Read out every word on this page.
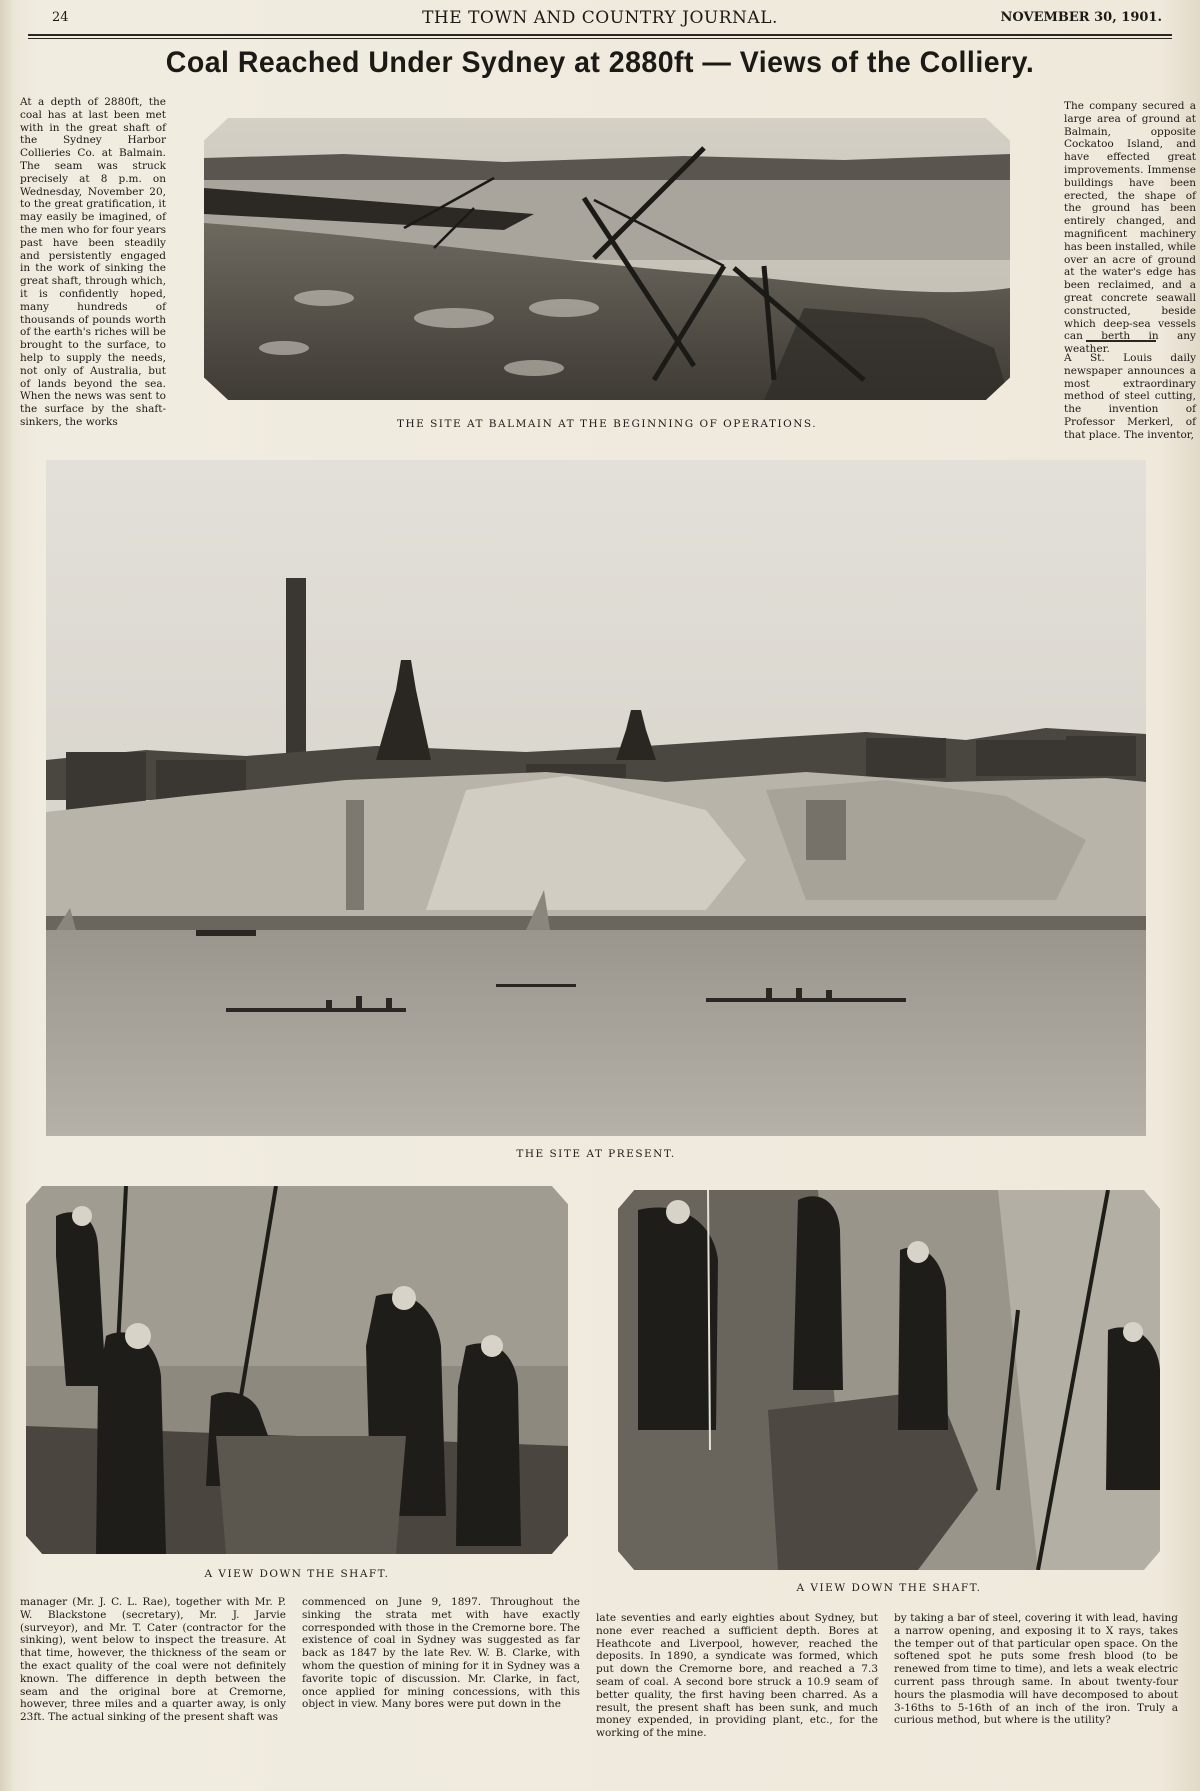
24	THE TOWN AND COUNTRY JOURNAL.	NOVEMBER 30, 1901.
Coal Reached Under Sydney at 2880ft — Views of the Colliery.

At a depth of 2880ft, the coal has at last been met with in the great shaft of the Sydney Harbor Collieries Co. at Balmain. The seam was struck precisely at 8 p.m. on Wednesday, November 20, to the great gratification, it may easily be imagined, of the men who for four years past have been steadily and persistently engaged in the work of sinking the great shaft, through which, it is confidently hoped, many hundreds of thousands of pounds worth of the earth's riches will be brought to the surface, to help to supply the needs, not only of Australia, but of lands beyond the sea. When the news was sent to the surface by the shaft-sinkers, the works	THE SITE AT BALMAIN AT THE BEGINNING OF OPERATIONS.

The company secured a large area of ground at Balmain, opposite Cockatoo Island, and have effected great improvements. Immense buildings have been erected, the shape of the ground has been entirely changed, and magnificent machinery has been installed, while over an acre of ground at the water's edge has been reclaimed, and a great concrete seawall constructed, beside which deep-sea vessels can berth in any weather.

A St. Louis daily newspaper announces a most extraordinary method of steel cutting, the invention of Professor Merkerl, of that place. The inventor,

THE SITE AT PRESENT.
A VIEW DOWN THE SHAFT.
A VIEW DOWN THE SHAFT.

manager (Mr. J. C. L. Rae), together with Mr. P. W. Blackstone (secretary), Mr. J. Jarvie (surveyor), and Mr. T. Cater (contractor for the sinking), went below to inspect the treasure. At that time, however, the thickness of the seam or the exact quality of the coal were not definitely known. The difference in depth between the seam and the original bore at Cremorne, however, three miles and a quarter away, is only 23ft. The actual sinking of the present shaft was

commenced on June 9, 1897. Throughout the sinking the strata met with have exactly corresponded with those in the Cremorne bore. The existence of coal in Sydney was suggested as far back as 1847 by the late Rev. W. B. Clarke, with whom the question of mining for it in Sydney was a favorite topic of discussion. Mr. Clarke, in fact, once applied for mining concessions, with this object in view. Many bores were put down in the

late seventies and early eighties about Sydney, but none ever reached a sufficient depth. Bores at Heathcote and Liverpool, however, reached the deposits. In 1890, a syndicate was formed, which put down the Cremorne bore, and reached a 7.3 seam of coal. A second bore struck a 10.9 seam of better quality, the first having been charred. As a result, the present shaft has been sunk, and much money expended, in providing plant, etc., for the working of the mine.

by taking a bar of steel, covering it with lead, having a narrow opening, and exposing it to X rays, takes the temper out of that particular open space. On the softened spot he puts some fresh blood (to be renewed from time to time), and lets a weak electric current pass through same. In about twenty-four hours the plasmodia will have decomposed to about 3-16ths to 5-16th of an inch of the iron. Truly a curious method, but where is the utility?
